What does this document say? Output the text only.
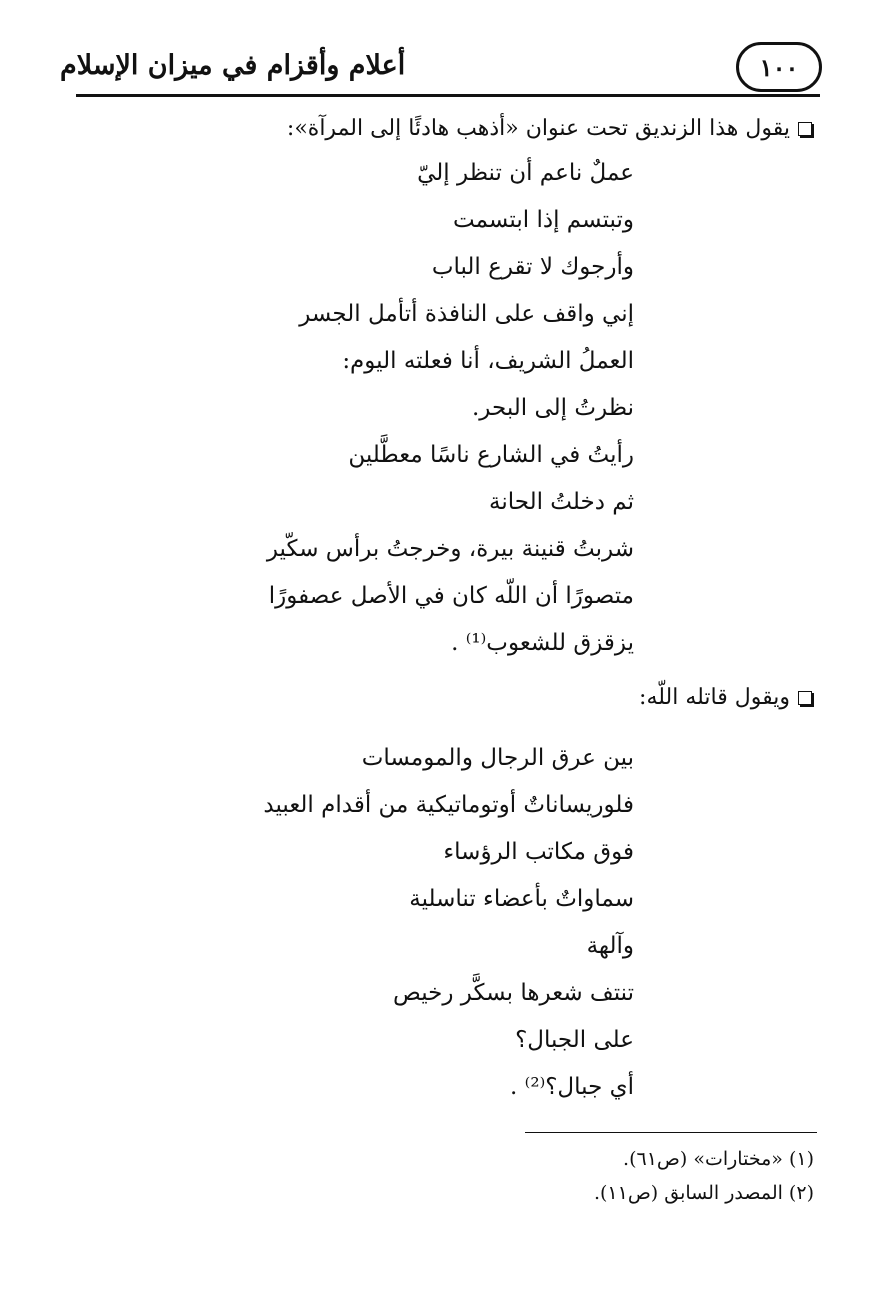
أعلام وأقزام في ميزان الإسلام	١٠٠
يقول هذا الزنديق تحت عنوان «أذهب هادئًا إلى المرآة»:
عملٌ ناعم أن تنظر إليّ
وتبتسم إذا ابتسمت
وأرجوك لا تقرع الباب
إني واقف على النافذة أتأمل الجسر
العملُ الشريف، أنا فعلته اليوم:
نظرتُ إلى البحر.
رأيتُ في الشارع ناسًا معطَّلين
ثم دخلتُ الحانة
شربتُ قنينة بيرة، وخرجتُ برأس سكّير
متصورًا أن اللّه كان في الأصل عصفورًا
يزقزق للشعوب⁽¹⁾ .
ويقول قاتله اللّه:
بين عرق الرجال والمومسات
فلوريساناتٌ أوتوماتيكية من أقدام العبيد
فوق مكاتب الرؤساء
سماواتٌ بأعضاء تناسلية
وآلهة
تنتف شعرها بسكَّر رخيص
على الجبال؟
أي جبال؟⁽²⁾ .
(١) «مختارات» (ص٦١).
(٢) المصدر السابق (ص١١).
